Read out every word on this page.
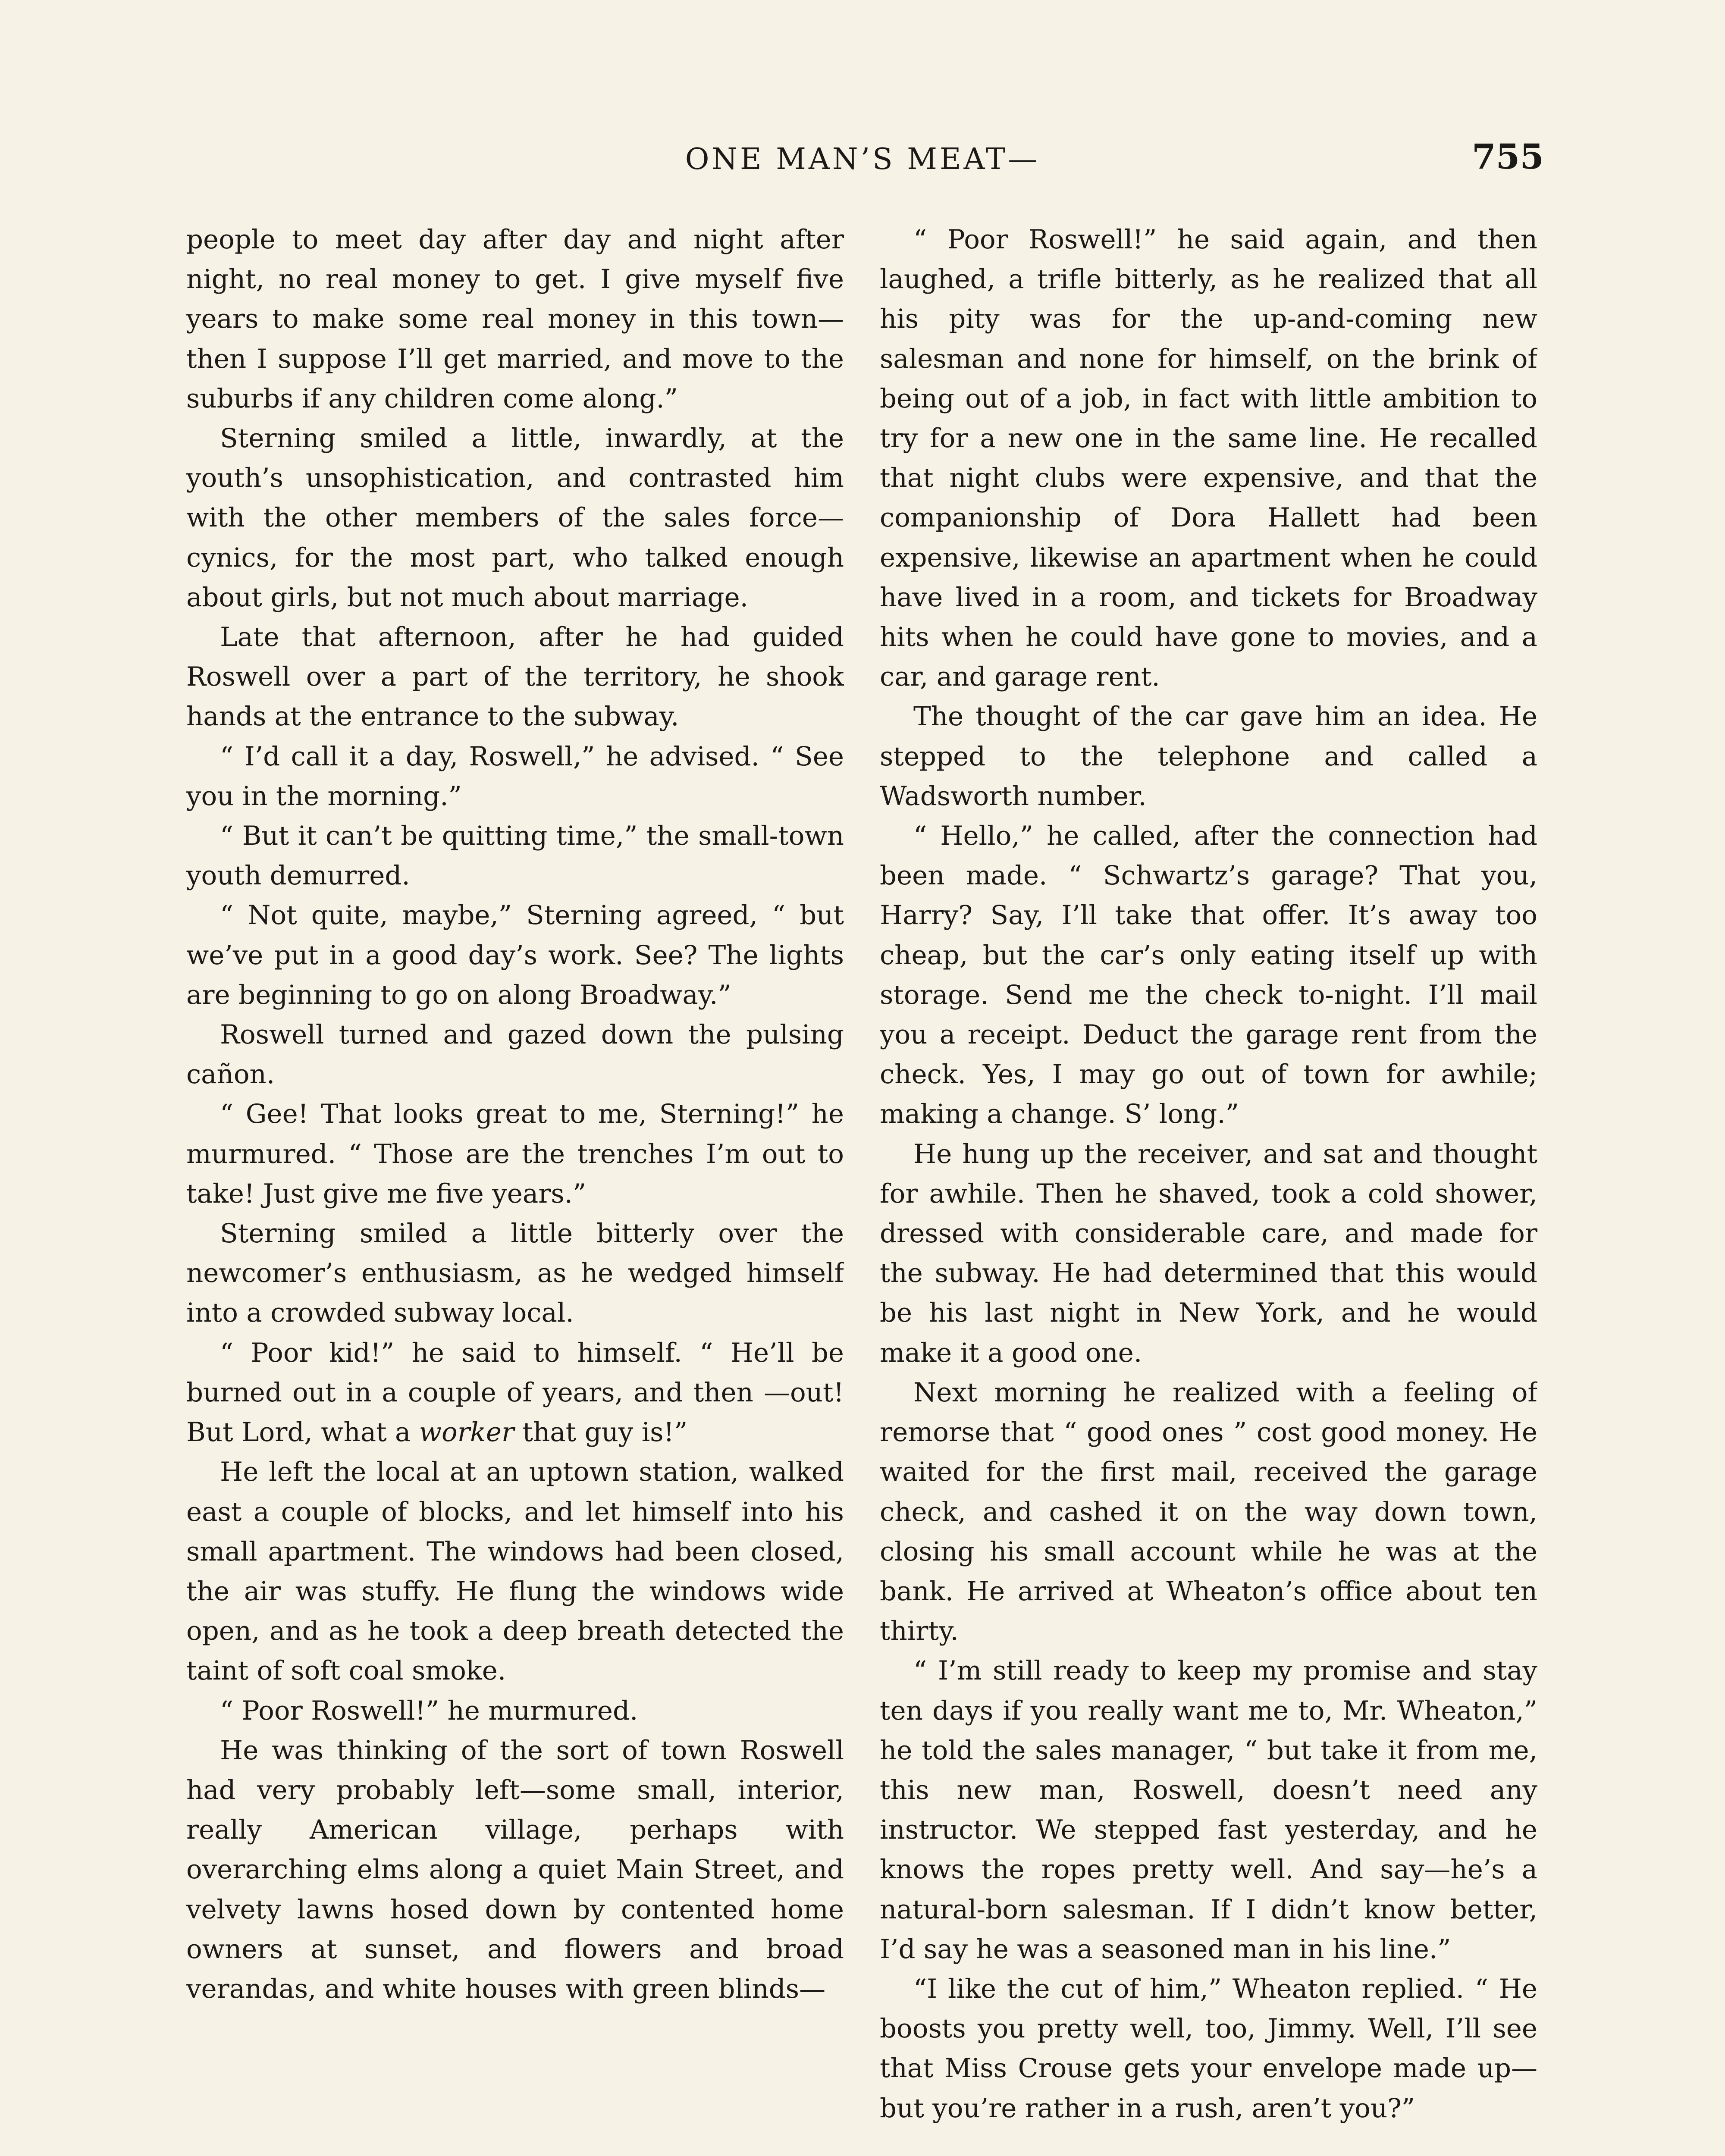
ONE MAN’S MEAT—	755

people to meet day after day and night after night, no real money to get. I give myself five years to make some real money in this town—then I suppose I’ll get married, and move to the suburbs if any children come along.”

Sterning smiled a little, inwardly, at the youth’s unsophistication, and contrasted him with the other members of the sales force—cynics, for the most part, who talked enough about girls, but not much about marriage.

Late that afternoon, after he had guided Roswell over a part of the territory, he shook hands at the entrance to the subway.

“ I’d call it a day, Roswell,” he advised. “ See you in the morning.”

“ But it can’t be quitting time,” the small-town youth demurred.

“ Not quite, maybe,” Sterning agreed, “ but we’ve put in a good day’s work. See? The lights are beginning to go on along Broadway.”

Roswell turned and gazed down the pulsing cañon.

“ Gee! That looks great to me, Sterning!” he murmured. “ Those are the trenches I’m out to take! Just give me five years.”

Sterning smiled a little bitterly over the newcomer’s enthusiasm, as he wedged himself into a crowded subway local.

“ Poor kid!” he said to himself. “ He’ll be burned out in a couple of years, and then —out! But Lord, what a worker that guy is!”

He left the local at an uptown station, walked east a couple of blocks, and let himself into his small apartment. The windows had been closed, the air was stuffy. He flung the windows wide open, and as he took a deep breath detected the taint of soft coal smoke.

“ Poor Roswell!” he murmured.

He was thinking of the sort of town Roswell had very probably left—some small, interior, really American village, perhaps with overarching elms along a quiet Main Street, and velvety lawns hosed down by contented home owners at sunset, and flowers and broad verandas, and white houses with green blinds—

“ Poor Roswell!” he said again, and then laughed, a trifle bitterly, as he realized that all his pity was for the up-and-coming new salesman and none for himself, on the brink of being out of a job, in fact with little ambition to try for a new one in the same line. He recalled that night clubs were expensive, and that the companionship of Dora Hallett had been expensive, likewise an apartment when he could have lived in a room, and tickets for Broadway hits when he could have gone to movies, and a car, and garage rent.

The thought of the car gave him an idea. He stepped to the telephone and called a Wadsworth number.

“ Hello,” he called, after the connection had been made. “ Schwartz’s garage? That you, Harry? Say, I’ll take that offer. It’s away too cheap, but the car’s only eating itself up with storage. Send me the check to-night. I’ll mail you a receipt. Deduct the garage rent from the check. Yes, I may go out of town for awhile; making a change. S’ long.”

He hung up the receiver, and sat and thought for awhile. Then he shaved, took a cold shower, dressed with considerable care, and made for the subway. He had determined that this would be his last night in New York, and he would make it a good one.

Next morning he realized with a feeling of remorse that “ good ones ” cost good money. He waited for the first mail, received the garage check, and cashed it on the way down town, closing his small account while he was at the bank. He arrived at Wheaton’s office about ten thirty.

“ I’m still ready to keep my promise and stay ten days if you really want me to, Mr. Wheaton,” he told the sales manager, “ but take it from me, this new man, Roswell, doesn’t need any instructor. We stepped fast yesterday, and he knows the ropes pretty well. And say—he’s a natural-born salesman. If I didn’t know better, I’d say he was a seasoned man in his line.”

“I like the cut of him,” Wheaton replied. “ He boosts you pretty well, too, Jimmy. Well, I’ll see that Miss Crouse gets your envelope made up—but you’re rather in a rush, aren’t you?”
